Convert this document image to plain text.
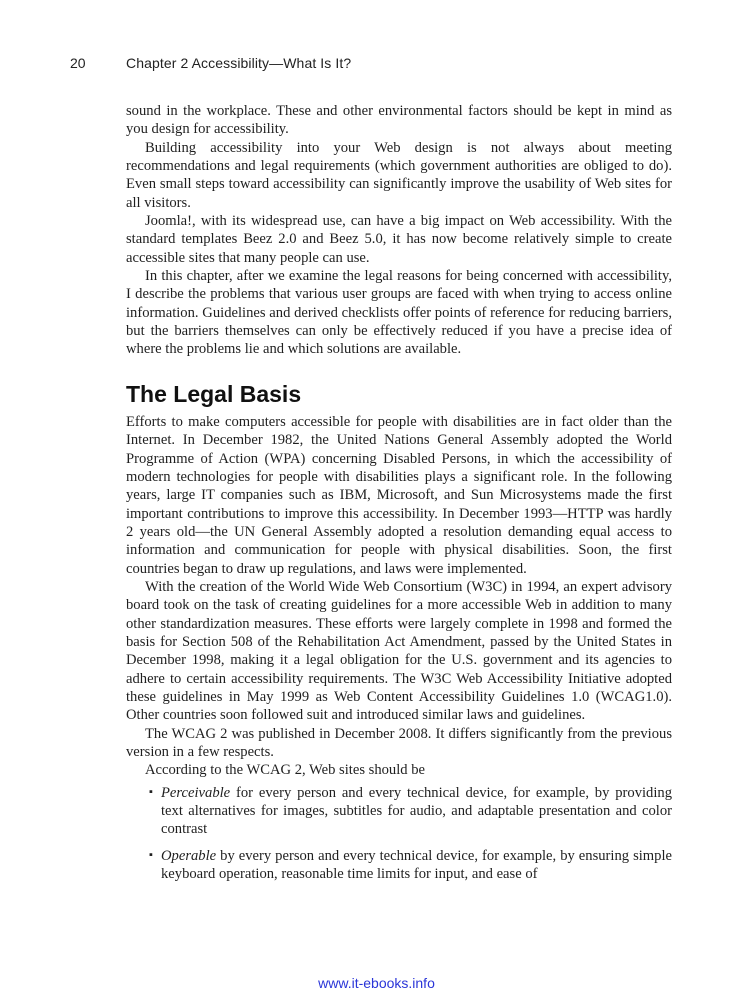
20	Chapter 2 Accessibility—What Is It?

sound in the workplace. These and other environmental factors should be kept in mind as you design for accessibility.

Building accessibility into your Web design is not always about meeting recommendations and legal requirements (which government authorities are obliged to do). Even small steps toward accessibility can significantly improve the usability of Web sites for all visitors.

Joomla!, with its widespread use, can have a big impact on Web accessibility. With the standard templates Beez 2.0 and Beez 5.0, it has now become relatively simple to create accessible sites that many people can use.

In this chapter, after we examine the legal reasons for being concerned with accessibility, I describe the problems that various user groups are faced with when trying to access online information. Guidelines and derived checklists offer points of reference for reducing barriers, but the barriers themselves can only be effectively reduced if you have a precise idea of where the problems lie and which solutions are available.

The Legal Basis

Efforts to make computers accessible for people with disabilities are in fact older than the Internet. In December 1982, the United Nations General Assembly adopted the World Programme of Action (WPA) concerning Disabled Persons, in which the accessibility of modern technologies for people with disabilities plays a significant role. In the following years, large IT companies such as IBM, Microsoft, and Sun Microsystems made the first important contributions to improve this accessibility. In December 1993—HTTP was hardly 2 years old—the UN General Assembly adopted a resolution demanding equal access to information and communication for people with physical disabilities. Soon, the first countries began to draw up regulations, and laws were implemented.

With the creation of the World Wide Web Consortium (W3C) in 1994, an expert advisory board took on the task of creating guidelines for a more accessible Web in addition to many other standardization measures. These efforts were largely complete in 1998 and formed the basis for Section 508 of the Rehabilitation Act Amendment, passed by the United States in December 1998, making it a legal obligation for the U.S. government and its agencies to adhere to certain accessibility requirements. The W3C Web Accessibility Initiative adopted these guidelines in May 1999 as Web Content Accessibility Guidelines 1.0 (WCAG1.0). Other countries soon followed suit and introduced similar laws and guidelines.

The WCAG 2 was published in December 2008. It differs significantly from the previous version in a few respects.

According to the WCAG 2, Web sites should be

▪ Perceivable for every person and every technical device, for example, by providing text alternatives for images, subtitles for audio, and adaptable presentation and color contrast
▪ Operable by every person and every technical device, for example, by ensuring simple keyboard operation, reasonable time limits for input, and ease of
www.it-ebooks.info
